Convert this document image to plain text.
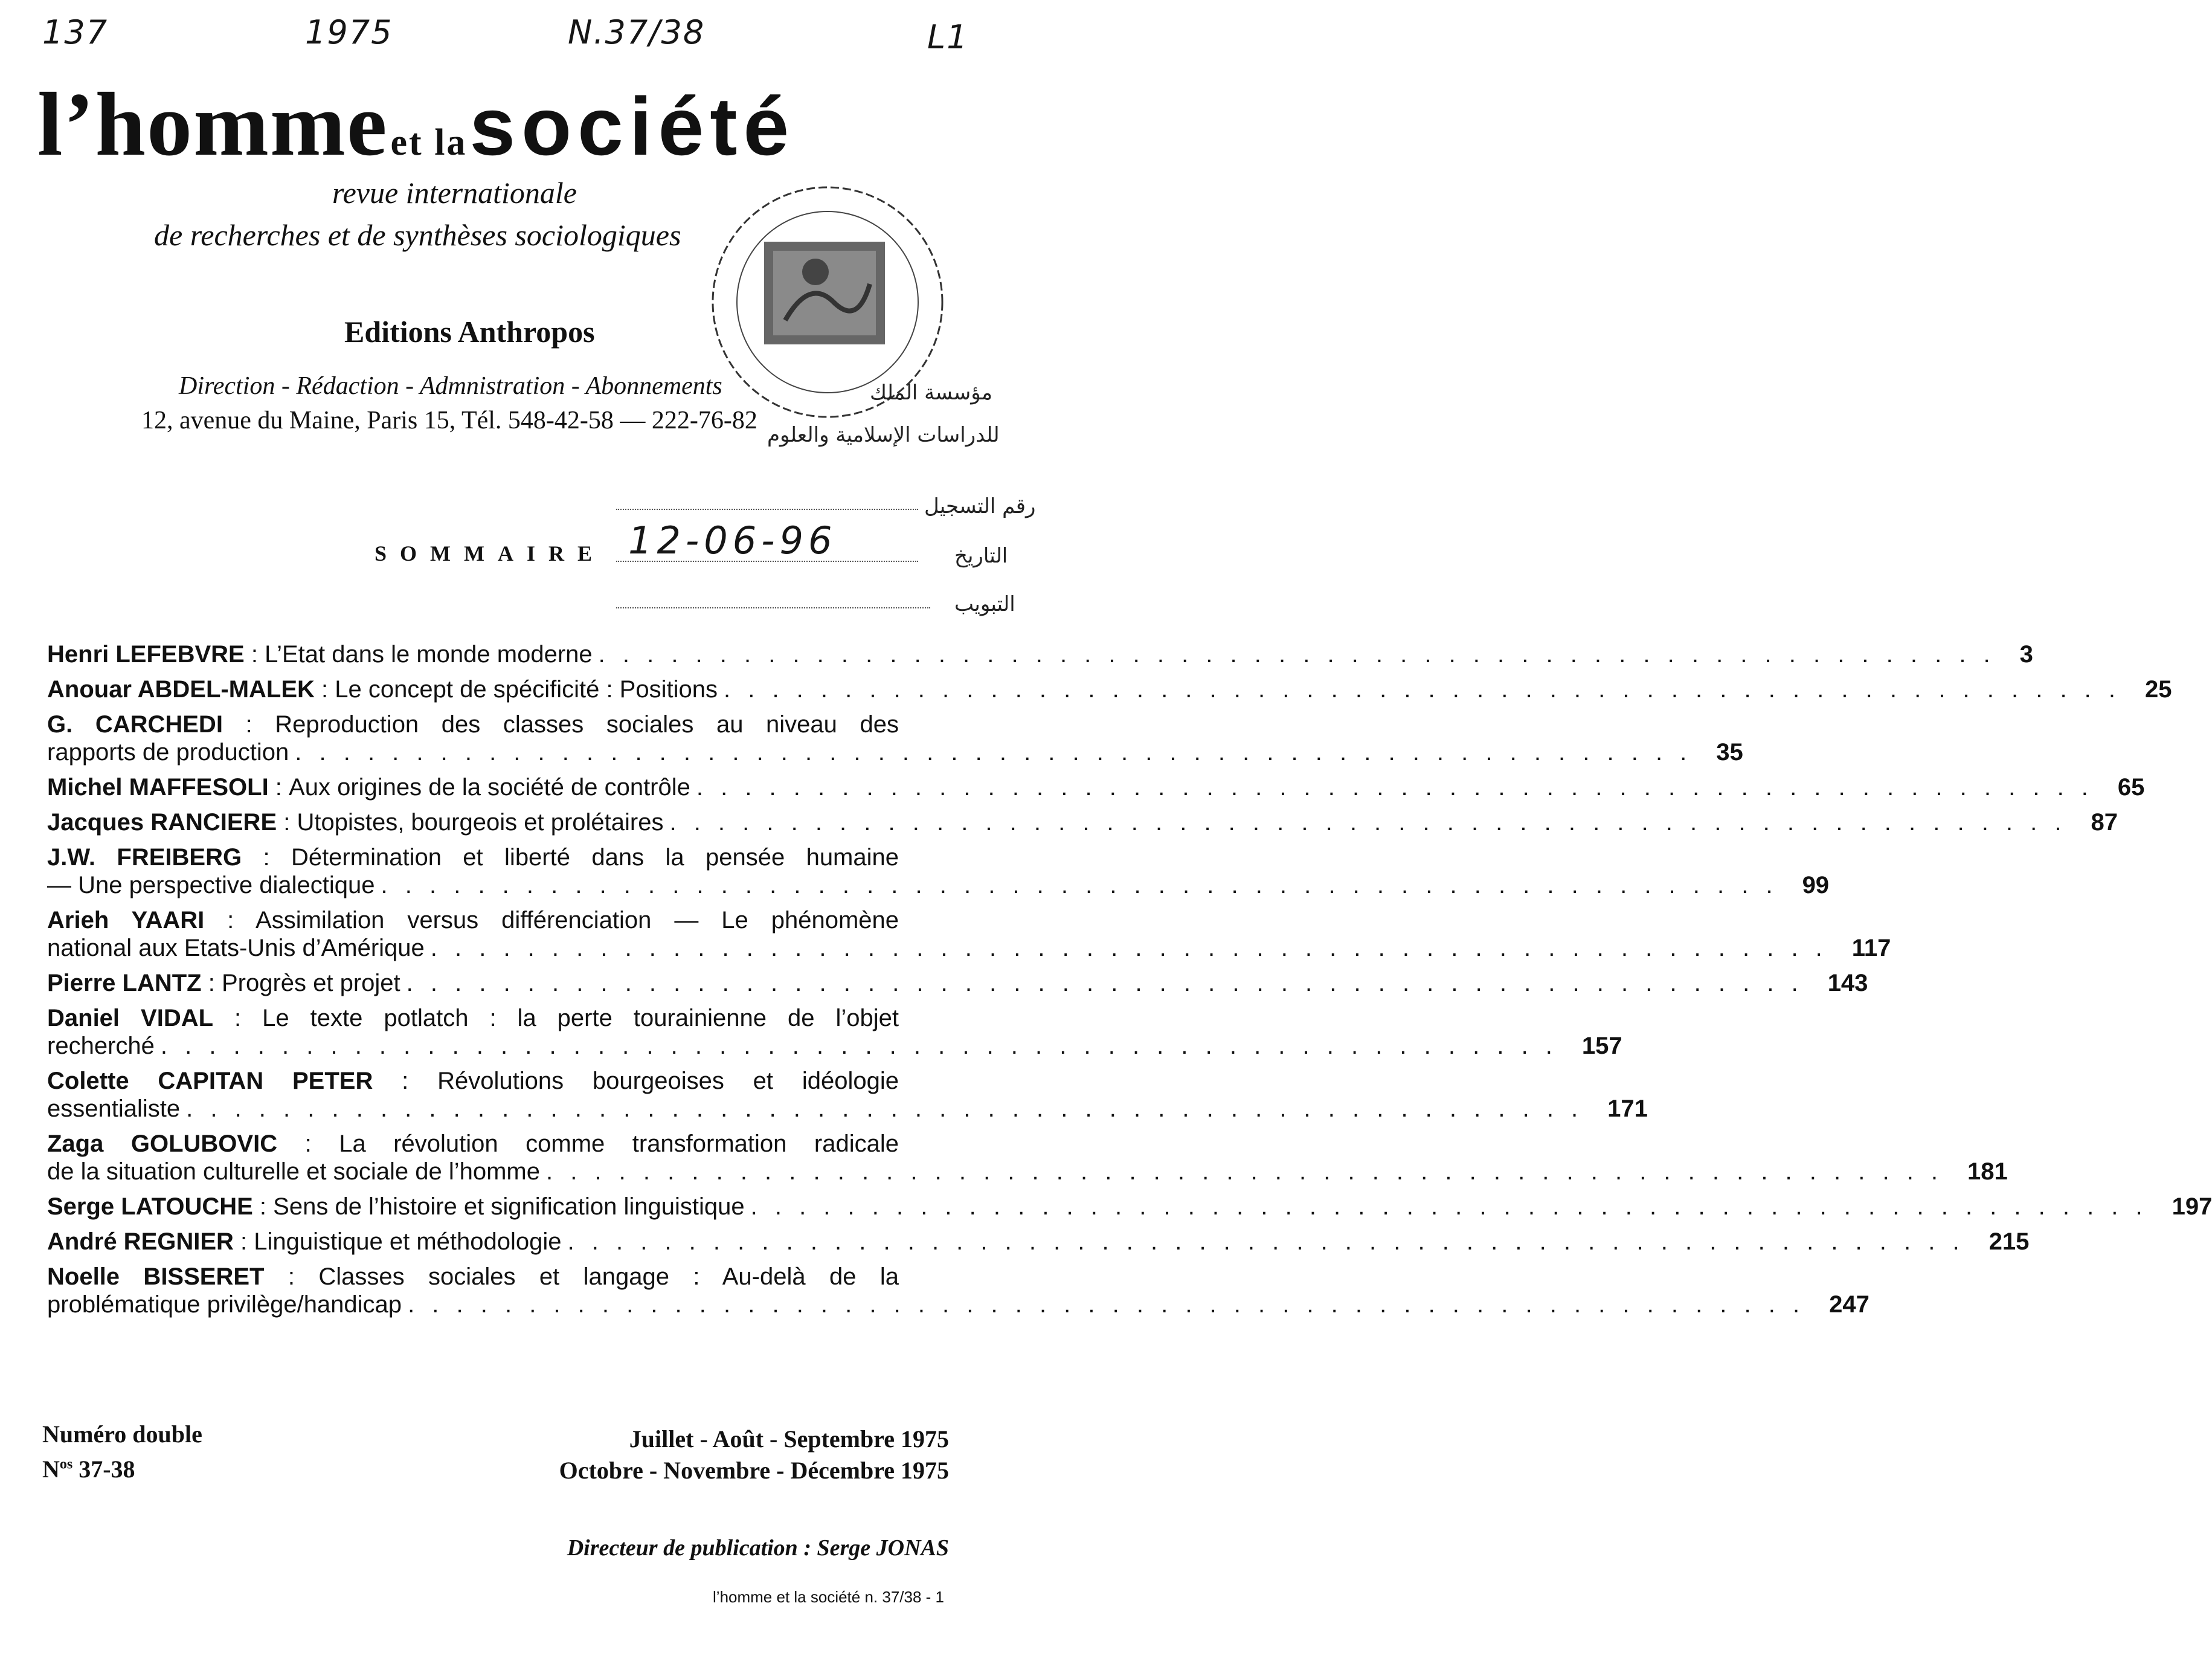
137	1975	N.37/38	L1
l’homme et la société
revue internationale
de recherches et de synthèses sociologiques
Editions Anthropos
Direction - Rédaction - Admnistration - Abonnements
12, avenue du Maine, Paris 15, Tél. 548-42-58 — 222-76-82
مؤسسة الملك
للدراسات الإسلامية والعلوم
رقم التسجيل
التاريخ
التبويب
12-06-96
SOMMAIRE
Henri LEFEBVRE : L’Etat dans le monde moderne . . . . . . . . . . . . . . . . . . . . . . . . . . . . . . . . . . . . . . . . . . . . . . . . . . . . . . . . . . 3
Anouar ABDEL-MALEK : Le concept de spécificité : Positions . . . . . . . . . . . . . . . . . . . . . . . . . . . . . . . . . . . . . . . . . . . . . . . . . . . . . . . . . . 25
G. CARCHEDI : Reproduction des classes sociales au niveau des
rapports de production . . . . . . . . . . . . . . . . . . . . . . . . . . . . . . . . . . . . . . . . . . . . . . . . . . . . . . . . . . 35
Michel MAFFESOLI : Aux origines de la société de contrôle . . . . . . . . . . . . . . . . . . . . . . . . . . . . . . . . . . . . . . . . . . . . . . . . . . . . . . . . . . 65
Jacques RANCIERE : Utopistes, bourgeois et prolétaires . . . . . . . . . . . . . . . . . . . . . . . . . . . . . . . . . . . . . . . . . . . . . . . . . . . . . . . . . . 87
J.W. FREIBERG : Détermination et liberté dans la pensée humaine
— Une perspective dialectique . . . . . . . . . . . . . . . . . . . . . . . . . . . . . . . . . . . . . . . . . . . . . . . . . . . . . . . . . . 99
Arieh YAARI : Assimilation versus différenciation — Le phénomène
national aux Etats-Unis d’Amérique . . . . . . . . . . . . . . . . . . . . . . . . . . . . . . . . . . . . . . . . . . . . . . . . . . . . . . . . . . 117
Pierre LANTZ : Progrès et projet . . . . . . . . . . . . . . . . . . . . . . . . . . . . . . . . . . . . . . . . . . . . . . . . . . . . . . . . . . 143
Daniel VIDAL : Le texte potlatch : la perte tourainienne de l’objet
recherché . . . . . . . . . . . . . . . . . . . . . . . . . . . . . . . . . . . . . . . . . . . . . . . . . . . . . . . . . . 157
Colette CAPITAN PETER : Révolutions bourgeoises et idéologie
essentialiste . . . . . . . . . . . . . . . . . . . . . . . . . . . . . . . . . . . . . . . . . . . . . . . . . . . . . . . . . . 171
Zaga GOLUBOVIC : La révolution comme transformation radicale
de la situation culturelle et sociale de l’homme . . . . . . . . . . . . . . . . . . . . . . . . . . . . . . . . . . . . . . . . . . . . . . . . . . . . . . . . . . 181
Serge LATOUCHE : Sens de l’histoire et signification linguistique . . . . . . . . . . . . . . . . . . . . . . . . . . . . . . . . . . . . . . . . . . . . . . . . . . . . . . . . . . 197
André REGNIER : Linguistique et méthodologie . . . . . . . . . . . . . . . . . . . . . . . . . . . . . . . . . . . . . . . . . . . . . . . . . . . . . . . . . . 215
Noelle BISSERET : Classes sociales et langage : Au-delà de la
problématique privilège/handicap . . . . . . . . . . . . . . . . . . . . . . . . . . . . . . . . . . . . . . . . . . . . . . . . . . . . . . . . . . 247
Numéro double
$N^{os}$ 37-38
Juillet - Août - Septembre 1975
Octobre - Novembre - Décembre 1975
Directeur de publication : Serge JONAS
l’homme et la société n. 37/38 - 1
